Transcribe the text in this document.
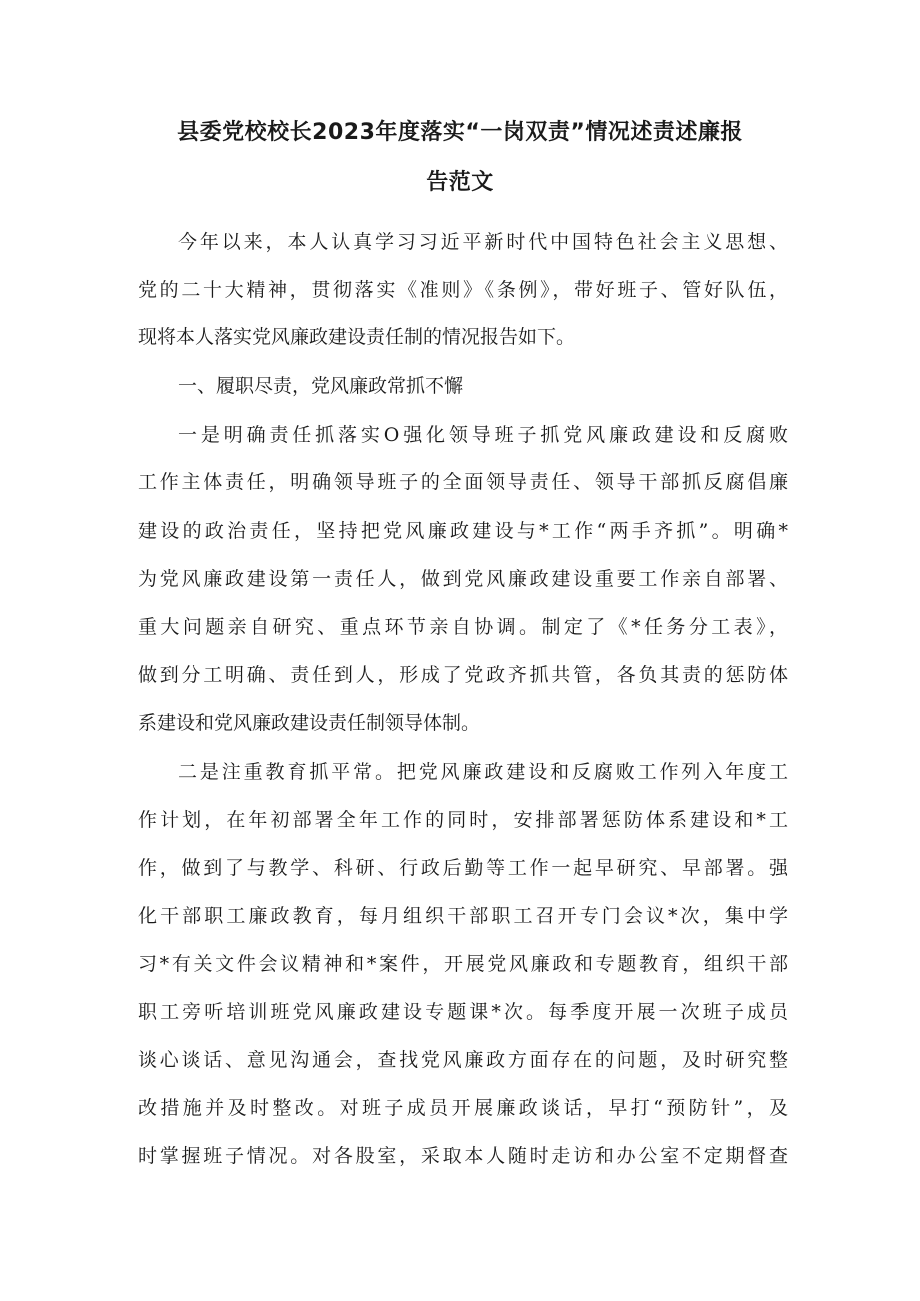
县委党校校长2023年度落实“一岗双责”情况述责述廉报
告范文

今年以来，本人认真学习习近平新时代中国特色社会主义思想、

党的二十大精神，贯彻落实《准则》《条例》，带好班子、管好队伍，

现将本人落实党风廉政建设责任制的情况报告如下。

一、履职尽责，党风廉政常抓不懈

一是明确责任抓落实O强化领导班子抓党风廉政建设和反腐败

工作主体责任，明确领导班子的全面领导责任、领导干部抓反腐倡廉

建设的政治责任，坚持把党风廉政建设与*工作“两手齐抓”。明确*

为党风廉政建设第一责任人，做到党风廉政建设重要工作亲自部署、

重大问题亲自研究、重点环节亲自协调。制定了《*任务分工表》，

做到分工明确、责任到人，形成了党政齐抓共管，各负其责的惩防体

系建设和党风廉政建设责任制领导体制。

二是注重教育抓平常。把党风廉政建设和反腐败工作列入年度工

作计划，在年初部署全年工作的同时，安排部署惩防体系建设和*工

作，做到了与教学、科研、行政后勤等工作一起早研究、早部署。强

化干部职工廉政教育，每月组织干部职工召开专门会议*次，集中学

习*有关文件会议精神和*案件，开展党风廉政和专题教育，组织干部

职工旁听培训班党风廉政建设专题课*次。每季度开展一次班子成员

谈心谈话、意见沟通会，查找党风廉政方面存在的问题，及时研究整

改措施并及时整改。对班子成员开展廉政谈话，早打“预防针”，及

时掌握班子情况。对各股室，采取本人随时走访和办公室不定期督查
